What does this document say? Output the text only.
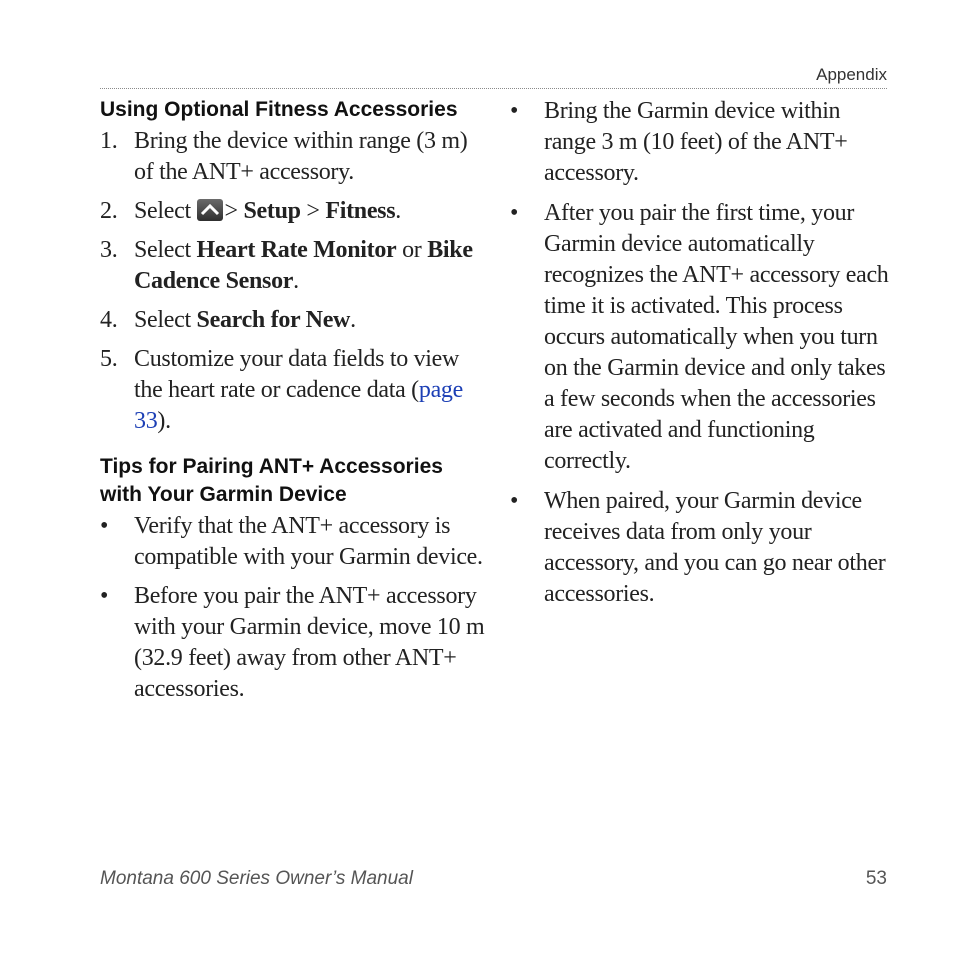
Appendix
Using Optional Fitness Accessories
1. Bring the device within range (3 m) of the ANT+ accessory.
2. Select > Setup > Fitness.
3. Select Heart Rate Monitor or Bike Cadence Sensor.
4. Select Search for New.
5. Customize your data fields to view the heart rate or cadence data (page 33).
Tips for Pairing ANT+ Accessories with Your Garmin Device
• Verify that the ANT+ accessory is compatible with your Garmin device.
• Before you pair the ANT+ accessory with your Garmin device, move 10 m (32.9 feet) away from other ANT+ accessories.
• Bring the Garmin device within range 3 m (10 feet) of the ANT+ accessory.
• After you pair the first time, your Garmin device automatically recognizes the ANT+ accessory each time it is activated. This process occurs automatically when you turn on the Garmin device and only takes a few seconds when the accessories are activated and functioning correctly.
• When paired, your Garmin device receives data from only your accessory, and you can go near other accessories.
Montana 600 Series Owner’s Manual	53
